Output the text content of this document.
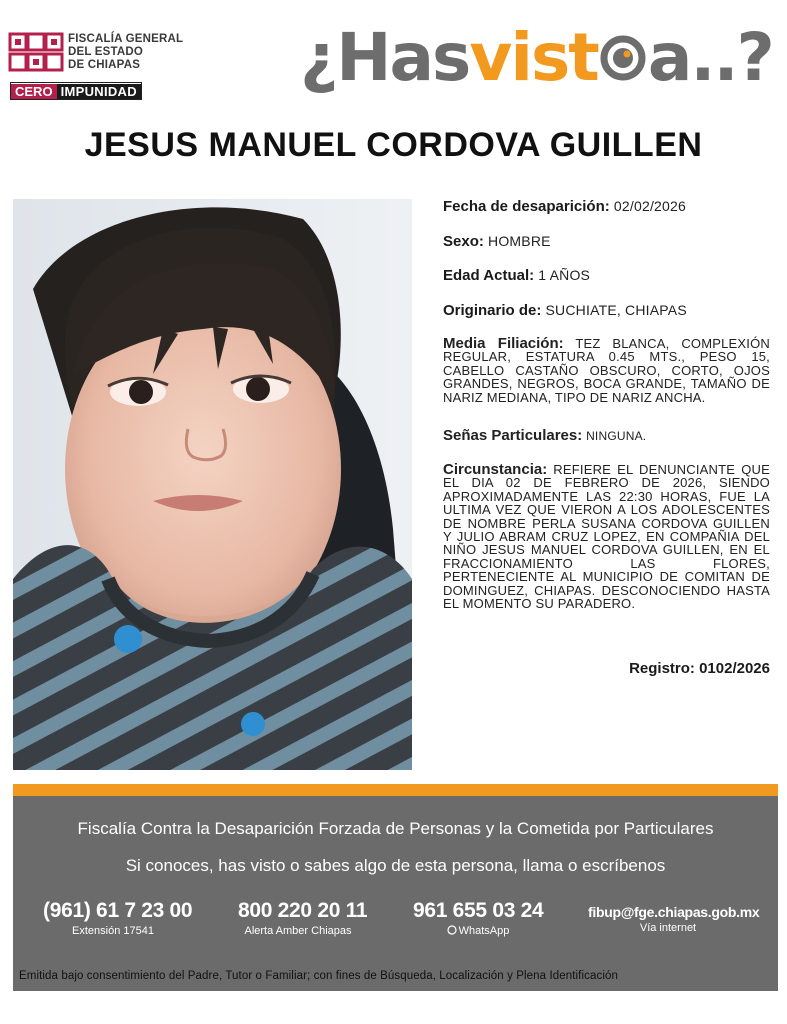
FISCALÍA GENERAL
DEL ESTADO
DE CHIAPAS
CERO IMPUNIDAD ¿Hasvist a..?
JESUS MANUEL CORDOVA GUILLEN
Fecha de desaparición: 02/02/2026
Sexo: HOMBRE
Edad Actual: 1 AÑOS
Originario de: SUCHIATE, CHIAPAS
Media Filiación: TEZ BLANCA, COMPLEXIÓN REGULAR, ESTATURA 0.45 MTS., PESO 15, CABELLO CASTAÑO OBSCURO, CORTO, OJOS GRANDES, NEGROS, BOCA GRANDE, TAMAÑO DE NARIZ MEDIANA, TIPO DE NARIZ ANCHA.
Señas Particulares: NINGUNA.
Circunstancia: REFIERE EL DENUNCIANTE QUE EL DIA 02 DE FEBRERO DE 2026, SIENDO APROXIMADAMENTE LAS 22:30 HORAS, FUE LA ULTIMA VEZ QUE VIERON A LOS ADOLESCENTES DE NOMBRE PERLA SUSANA CORDOVA GUILLEN Y JULIO ABRAM CRUZ LOPEZ, EN COMPAÑIA DEL NIÑO JESUS MANUEL CORDOVA GUILLEN, EN EL FRACCIONAMIENTO LAS FLORES, PERTENECIENTE AL MUNICIPIO DE COMITAN DE DOMINGUEZ, CHIAPAS. DESCONOCIENDO HASTA EL MOMENTO SU PARADERO.
Registro: 0102/2026
Fiscalía Contra la Desaparición Forzada de Personas y la Cometida por Particulares
Si conoces, has visto o sabes algo de esta persona, llama o escríbenos
(961) 61 7 23 00
Extensión 17541
800 220 20 11
Alerta Amber Chiapas
961 655 03 24
WhatsApp
fibup@fge.chiapas.gob.mx
Vía internet
Emitida bajo consentimiento del Padre, Tutor o Familiar; con fines de Búsqueda, Localización y Plena Identificación
